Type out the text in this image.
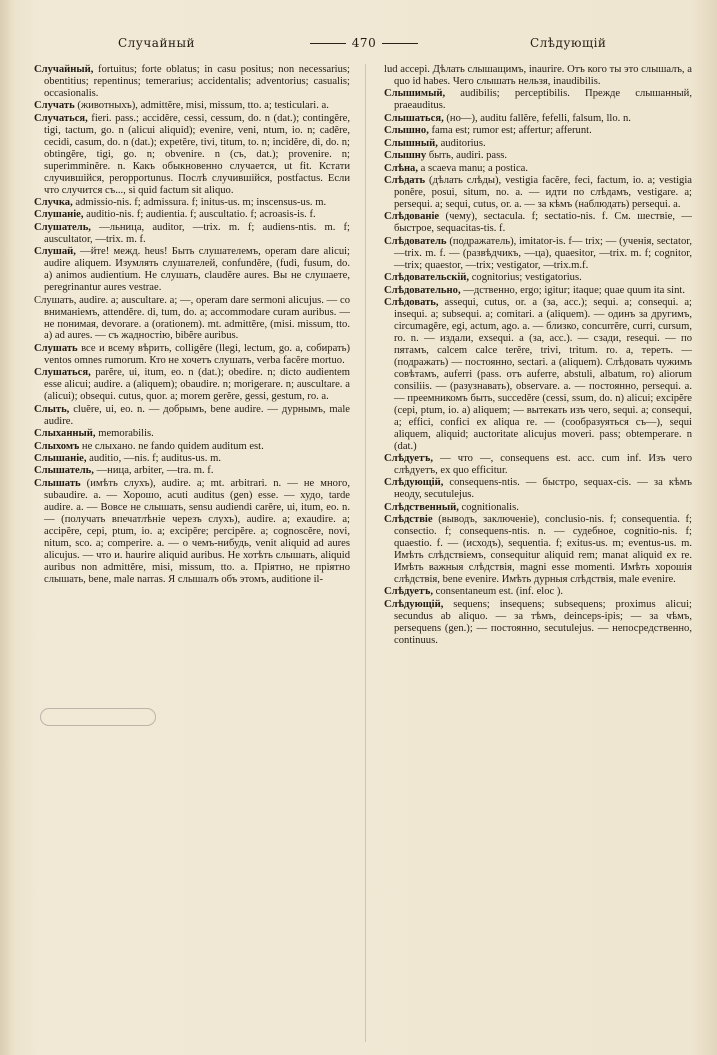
Случайный	470	Слѣдующій

Случайный, fortuitus; forte oblatus; in casu positus; non necessarius; obentitius; repentinus; temerarius; accidentalis; adventorius; casualis; occasionalis.

Случать (животныхъ), admittĕre, misi, missum, tto. a; testiculari. a.

Случаться, fieri. pass.; accidĕre, cessi, cessum, do. n (dat.); contingĕre, tigi, tactum, go. n (alicui aliquid); evenire, veni, ntum, io. n; cadĕre, cecidi, casum, do. n (dat.); expetĕre, tivi, titum, to. n; incidĕre, di, do. n; obtingĕre, tigi, go. n; obvenire. n (съ, dat.); provenire. n; superimminĕre. n. Какъ обыкновенно случается, ut fit. Кстати случившійся, peropportunus. Послѣ случившійся, postfactus. Если что случится съ..., si quid factum sit aliquo.

Случка, admissio-nis. f; admissura. f; initus-us. m; inscensus-us. m.

Слушаніе, auditio-nis. f; audientia. f; auscultatio. f; acroasis-is. f.

Слушатель, —льница, auditor, —trix. m. f; audiens-ntis. m. f; auscultator, —trix. m. f.

Слушай, —йте! межд. heus! Быть слушателемъ, operam dare alicui; audire aliquem. Изумлять слушателей, confundĕre, (fudi, fusum, do. a) animos audientium. Не слушать, claudĕre aures. Вы не слушаете, peregrinantur aures vestrae.

Слушать, audire. a; auscultare. a; —, operam dare sermoni alicujus. — со вниманіемъ, attendĕre. di, tum, do. a; accommodare curam auribus. — не понимая, devorare. a (orationem). mt. admittĕre, (misi. missum, tto. a) ad aures. — съ жадностію, bibĕre auribus.

Слушать все и всему вѣрить, colligĕre (llegi, lectum, go. a, собирать) ventos omnes rumorum. Кто не хочетъ слушать, verba facĕre mortuo.

Слушаться, parĕre, ui, itum, eo. n (dat.); obedire. n; dicto audientem esse alicui; audire. a (aliquem); obaudire. n; morigerare. n; auscultare. a (alicui); obsequi. cutus, quor. a; morem gerĕre, gessi, gestum, ro. a.

Слыть, cluĕre, ui, eo. n. — добрымъ, bene audire. — дурнымъ, male audire.

Слыханный, memorabilis.

Слыхомъ не слыхано. ne fando quidem auditum est.

Слышаніе, auditio, —nis. f; auditus-us. m.

Слышатель, —ница, arbiter, —tra. m. f.

Слышать (имѣть слухъ), audire. a; mt. arbitrari. n. — не много, subaudire. a. — Хорошо, acuti auditus (gen) esse. — худо, tarde audire. a. — Вовсе не слышать, sensu audiendi carĕre, ui, itum, eo. n. — (получать впечатлѣніе черезъ слухъ), audire. a; exaudire. a; accipĕre, cepi, ptum, io. a; excipĕre; percipĕre. a; cognoscĕre, novi, nitum, sco. a; comperire. a. — о чемъ-нибудь, venit aliquid ad aures alicujus. — что и. haurire aliquid auribus. Не хотѣть слышать, aliquid auribus non admittĕre, misi, missum, tto. a. Пріятно, не пріятно слышать, bene, male narras. Я слышалъ объ этомъ, auditione il-

lud accepi. Дѣлать слышащимъ, inaurire. Отъ кого ты это слышалъ, a quo id habes. Чего слышать нельзя, inaudibilis.

Слышимый, audibilis; perceptibilis. Прежде слышанный, praeauditus.

Слышаться, (но—), auditu fallĕre, fefelli, falsum, llo. n.

Слышно, fama est; rumor est; affertur; afferunt.

Слышный, auditorius.

Слышну быть, audiri. pass.

Слѣна, a scaeva manu; a postica.

Слѣдать (дѣлать слѣды), vestigia facĕre, feci, factum, io. a; vestigia ponĕre, posui, situm, no. a. — идти по слѣдамъ, vestigare. a; persequi. a; sequi, cutus, or. a. — за кѣмъ (наблюдать) persequi. a.

Слѣдованіе (чему), sectacula. f; sectatio-nis. f. См. шествіе, — быстрое, sequacitas-tis. f.

Слѣдователь (подражатель), imitator-is. f— trix; — (ученія, sectator, —trix. m. f. — (развѣдчикъ, —ца), quaesitor, —trix. m. f; cognitor, —trix; quaestor, —trix; vestigator, —trix.m.f.

Слѣдовательскій, cognitorius; vestigatorius.

Слѣдовательно, —дственно, ergo; igitur; itaque; quae quum ita sint.

Слѣдовать, assequi, cutus, or. a (за, acc.); sequi. a; consequi. a; insequi. a; subsequi. a; comitari. a (aliquem). — одинъ за другимъ, circumagĕre, egi, actum, ago. a. — близко, concurrĕre, curri, cursum, ro. n. — издали, exsequi. a (за, acc.). — сзади, resequi. — по пятамъ, calcem calce terĕre, trivi, tritum. ro. a, тереть. — (подражать) — постоянно, sectari. a (aliquem). Слѣдовать чужимъ совѣтамъ, auferri (pass. отъ auferre, abstuli, albatum, ro) aliorum consiliis. — (разузнавать), observare. a. — постоянно, persequi. a. — преемникомъ быть, succedĕre (cessi, ssum, do. n) alicui; excipĕre (cepi, ptum, io. a) aliquem; — вытекать изъ чего, sequi. a; consequi, a; effici, confici ex aliqua re. — (сообразуяться съ—), sequi aliquem, aliquid; auctoritate alicujus moveri. pass; obtemperare. n (dat.)

Слѣдуетъ, — что —, consequens est. acc. cum inf. Изъ чего слѣдуетъ, ex quo efficitur.

Слѣдующій, consequens-ntis. — быстро, sequax-cis. — за кѣмъ неоду, secutulejus.

Слѣдственный, cognitionalis.

Слѣдствіе (выводъ, заключеніе), conclusio-nis. f; consequentia. f; consectio. f; consequens-ntis. n. — судебное, cognitio-nis. f; quaestio. f. — (исходъ), sequentia. f; exitus-us. m; eventus-us. m. Имѣть слѣдствіемъ, consequitur aliquid rem; manat aliquid ex re. Имѣть важныя слѣдствія, magni esse momenti. Имѣть хорошія слѣдствія, bene evenire. Имѣть дурныя слѣдствія, male evenire.

Слѣдуетъ, consentaneum est. (inf. eloc ).

Слѣдующій, sequens; insequens; subsequens; proximus alicui; secundus ab aliquo. — за тѣмъ, deinceps-ipis; — за чѣмъ, persequens (gen.); — постоянно, secutulejus. — непосредственно, continuus.
